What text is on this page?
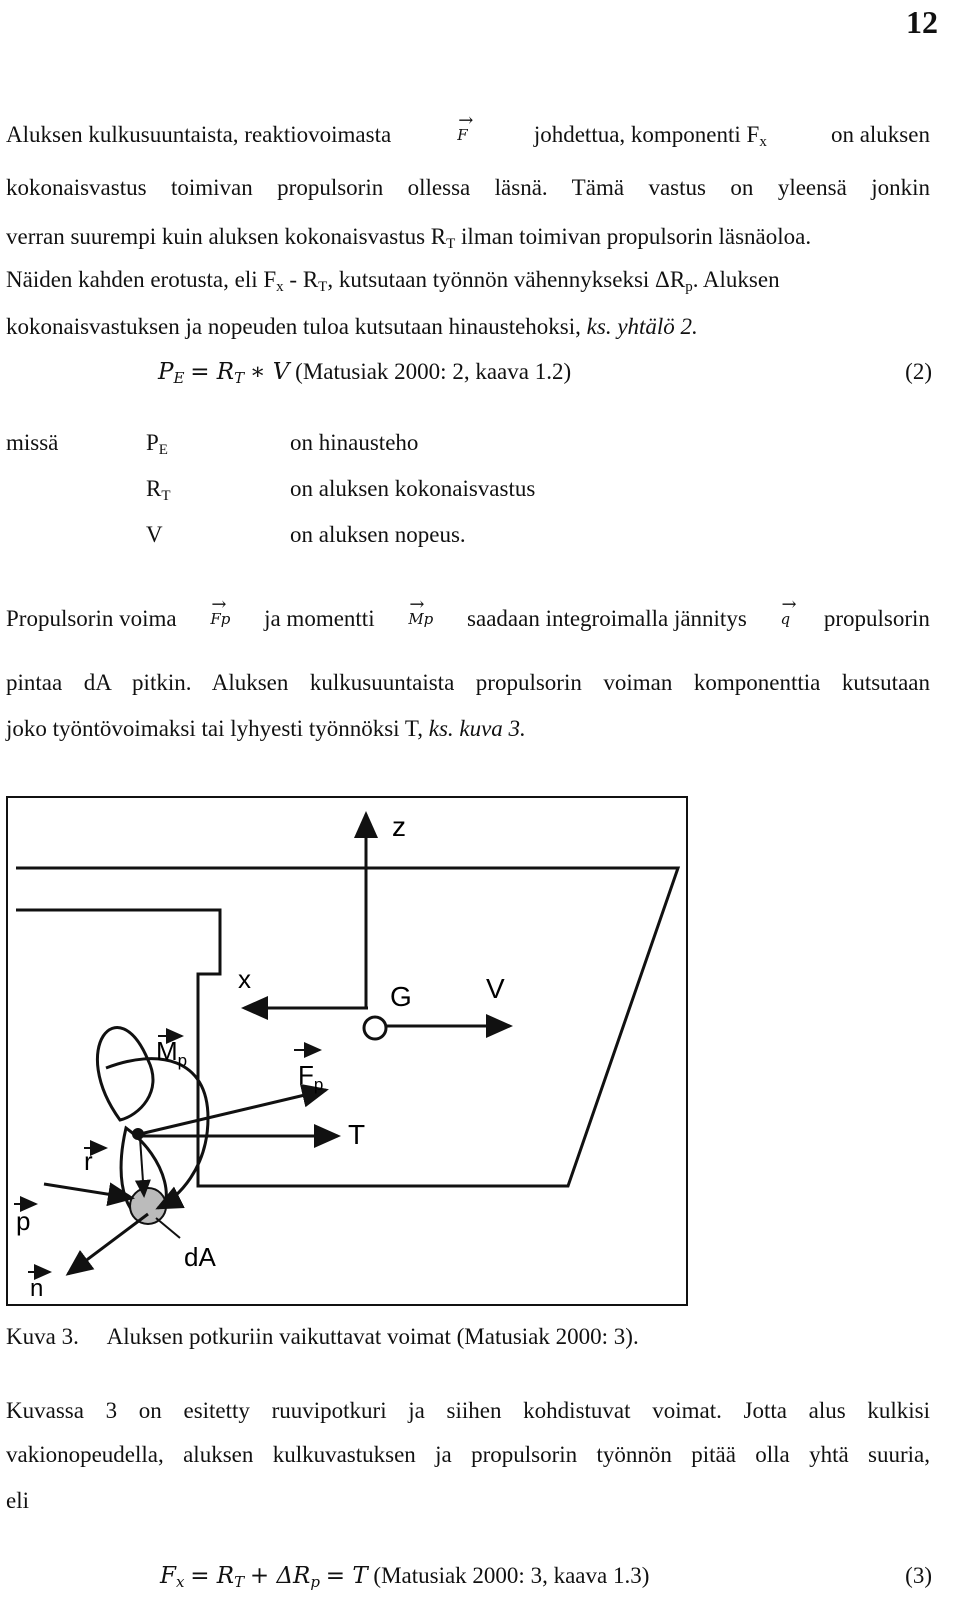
12
Aluksen kulkusuuntaista, reaktiovoimasta	→ F	johdettua, komponenti $F_x$	on aluksen
kokonaisvastus toimivan propulsorin ollessa läsnä. Tämä vastus on yleensä jonkin
verran suurempi kuin aluksen kokonaisvastus $R_T$ ilman toimivan propulsorin läsnäoloa.
Näiden kahden erotusta, eli $F_x - R_T$, kutsutaan työnnön vähennykseksi $\Delta R_p$. Aluksen
kokonaisvastuksen ja nopeuden tuloa kutsutaan hinaustehoksi, ks. yhtälö 2.
$P_E = R_T$ ∗ V (Matusiak 2000: 2, kaava 1.2)	(2)
missä	$P_E$	on hinausteho
$R_T$	on aluksen kokonaisvastus
V	on aluksen nopeus.
Propulsorin voima → Fp ja momentti → Mp saadaan integroimalla jännitys → q propulsorin
pintaa dA pitkin. Aluksen kulkusuuntaista propulsorin voiman komponenttia kutsutaan
joko työntövoimaksi tai lyhyesti työnnöksi T, ks. kuva 3.
z
x
G	V
$M_p$	$F_p$
T
r
p
n
dA
Kuva 3. Aluksen potkuriin vaikuttavat voimat (Matusiak 2000: 3).
Kuvassa 3 on esitetty ruuvipotkuri ja siihen kohdistuvat voimat. Jotta alus kulkisi
vakionopeudella, aluksen kulkuvastuksen ja propulsorin työnnön pitää olla yhtä suuria,
eli
$F_x = R_T + \Delta R_p = T$ (Matusiak 2000: 3, kaava 1.3)	(3)
